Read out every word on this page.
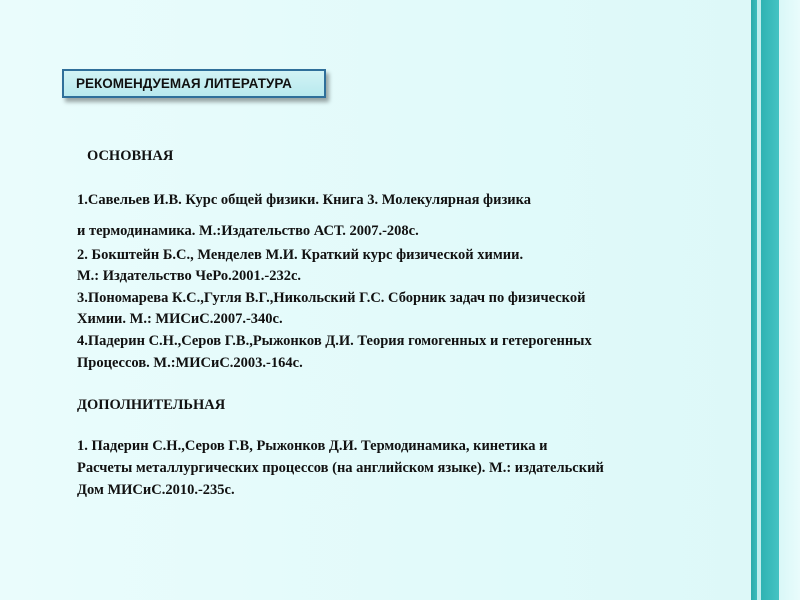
РЕКОМЕНДУЕМАЯ ЛИТЕРАТУРА
ОСНОВНАЯ
1.Савельев И.В. Курс общей физики. Книга 3. Молекулярная физика
и термодинамика. М.:Издательство АСТ. 2007.-208с.
2. Бокштейн Б.С., Менделев М.И. Краткий курс физической химии.
М.: Издательство ЧеРо.2001.-232с.
3.Пономарева К.С.,Гугля В.Г.,Никольский Г.С. Сборник задач по физической
Химии. М.: МИСиС.2007.-340с.
4.Падерин С.Н.,Серов Г.В.,Рыжонков Д.И. Теория гомогенных и гетерогенных
Процессов. М.:МИСиС.2003.-164с.
ДОПОЛНИТЕЛЬНАЯ
1. Падерин С.Н.,Серов Г.В, Рыжонков Д.И. Термодинамика, кинетика и
Расчеты металлургических процессов (на английском языке). М.: издательский
Дом МИСиС.2010.-235с.
